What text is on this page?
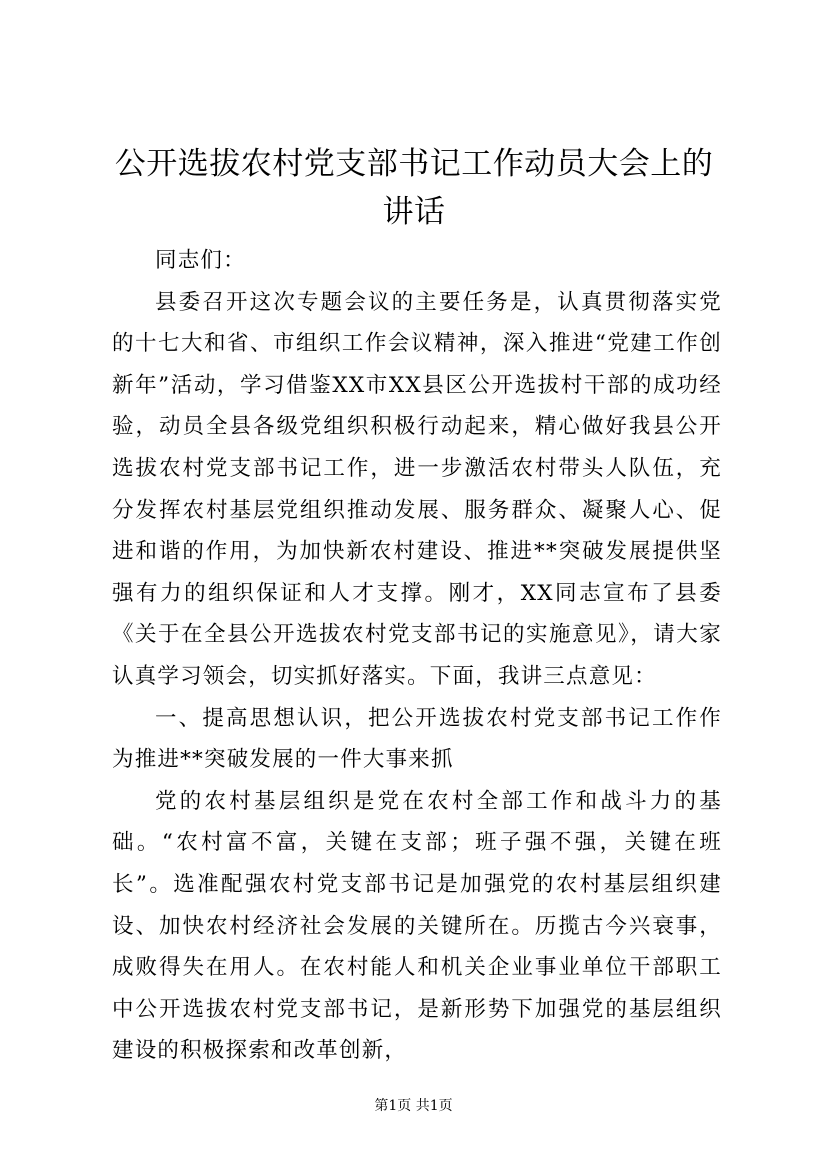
公开选拔农村党支部书记工作动员大会上的讲话

同志们：

县委召开这次专题会议的主要任务是，认真贯彻落实党的十七大和省、市组织工作会议精神，深入推进“党建工作创新年”活动，学习借鉴XX市XX县区公开选拔村干部的成功经验，动员全县各级党组织积极行动起来，精心做好我县公开选拔农村党支部书记工作，进一步激活农村带头人队伍，充分发挥农村基层党组织推动发展、服务群众、凝聚人心、促进和谐的作用，为加快新农村建设、推进**突破发展提供坚强有力的组织保证和人才支撑。刚才，XX同志宣布了县委《关于在全县公开选拔农村党支部书记的实施意见》，请大家认真学习领会，切实抓好落实。下面，我讲三点意见：

一、提高思想认识，把公开选拔农村党支部书记工作作为推进**突破发展的一件大事来抓

党的农村基层组织是党在农村全部工作和战斗力的基础。“农村富不富，关键在支部；班子强不强，关键在班长”。选准配强农村党支部书记是加强党的农村基层组织建设、加快农村经济社会发展的关键所在。历揽古今兴衰事，成败得失在用人。在农村能人和机关企业事业单位干部职工中公开选拔农村党支部书记，是新形势下加强党的基层组织建设的积极探索和改革创新，

第1页 共1页
